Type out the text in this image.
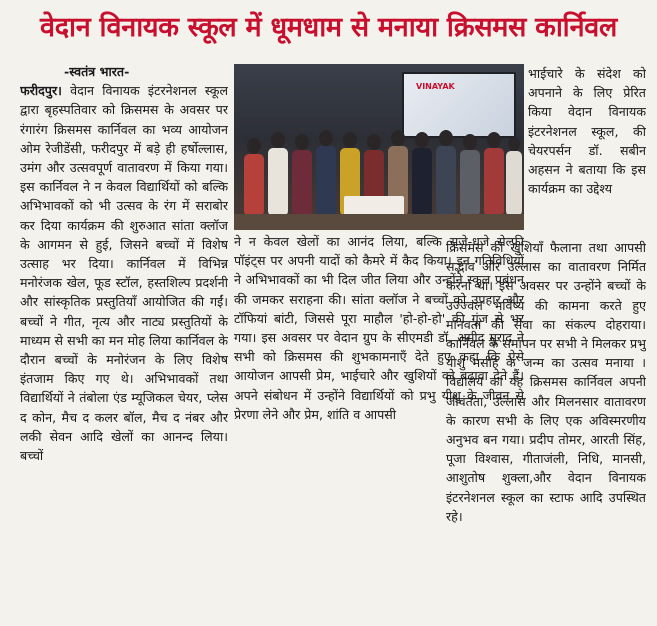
वेदान विनायक स्कूल में धूमधाम से मनाया क्रिसमस कार्निवल

-स्वतंत्र भारत-

फरीदपुर। वेदान विनायक इंटरनेशनल स्कूल द्वारा बृहस्पतिवार को क्रिसमस के अवसर पर रंगारंग क्रिसमस कार्निवल का भव्य आयोजन ओम रेजीडेंसी, फरीदपुर में बड़े ही हर्षोल्लास, उमंग और उत्सवपूर्ण वातावरण में किया गया। इस कार्निवल ने न केवल विद्यार्थियों को बल्कि अभिभावकों को भी उत्सव के रंग में सराबोर कर दिया कार्यक्रम की शुरुआत सांता क्लॉज के आगमन से हुई, जिसने बच्चों में विशेष उत्साह भर दिया। कार्निवल में विभिन्न मनोरंजक खेल, फूड स्टॉल, हस्तशिल्प प्रदर्शनी और सांस्कृतिक प्रस्तुतियाँ आयोजित की गईं। बच्चों ने गीत, नृत्य और नाट्य प्रस्तुतियों के माध्यम से सभी का मन मोह लिया कार्निवल के दौरान बच्चों के मनोरंजन के लिए विशेष इंतजाम किए गए थे। अभिभावकों तथा विद्यार्थियों ने तंबोला एंड म्यूजिकल चेयर, प्लेस द कोन, मैच द कलर बॉल, मैच द नंबर और लकी सेवन आदि खेलों का आनन्द लिया। बच्चों

VINAYAK

भाईचारे के संदेश को अपनाने के लिए प्रेरित किया वेदान विनायक इंटरनेशनल स्कूल, की चेयरपर्सन डॉ. सबीन अहसन ने बताया कि इस कार्यक्रम का उद्देश्य

ने न केवल खेलों का आनंद लिया, बल्कि सजे-धजे सेल्फी पॉइंट्स पर अपनी यादों को कैमरे में कैद किया। इन गतिविधियों ने अभिभावकों का भी दिल जीत लिया और उन्होंने स्कूल प्रबंधन की जमकर सराहना की। सांता क्लॉज ने बच्चों को उपहार और टॉफियां बांटी, जिससे पूरा माहौल 'हो-हो-हो' की गूंज से भर गया। इस अवसर पर वेदान ग्रुप के सीएमडी डॉ. अमीद मुराद ने सभी को क्रिसमस की शुभकामनाएँ देते हुए कहा कि ऐसे आयोजन आपसी प्रेम, भाईचारे और खुशियों को बढ़ावा देते हैं। अपने संबोधन में उन्होंने विद्यार्थियों को प्रभु यीशु के जीवन से प्रेरणा लेने और प्रेम, शांति व आपसी

क्रिसमस की खुशियाँ फैलाना तथा आपसी सद्भाव और उल्लास का वातावरण निर्मित करना था। इस अवसर पर उन्होंने बच्चों के उज्ज्वल भविष्य की कामना करते हुए मानवता की सेवा का संकल्प दोहराया। कार्निवल के समापन पर सभी ने मिलकर प्रभु यीशु मसीह के जन्म का उत्सव मनाया । विद्यालय का यह क्रिसमस कार्निवल अपनी जीवंतता, उल्लास और मिलनसार वातावरण के कारण सभी के लिए एक अविस्मरणीय अनुभव बन गया। प्रदीप तोमर, आरती सिंह, पूजा विश्वास, गीताजंली, निधि, मानसी, आशुतोष शुक्ला,और वेदान विनायक इंटरनेशनल स्कूल का स्टाफ आदि उपस्थित रहे।
